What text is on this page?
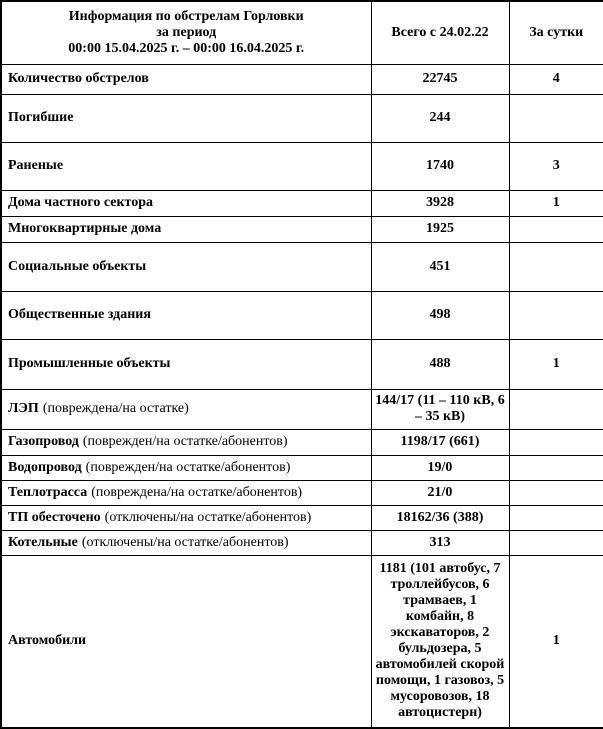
Информация по обстрелам Горловки
за период
00:00 15.04.2025 г. – 00:00 16.04.2025 г.	Всего с 24.02.22	За сутки
Количество обстрелов	22745	4
Погибшие	244	
Раненые	1740	3
Дома частного сектора	3928	1
Многоквартирные дома	1925	
Социальные объекты	451	
Общественные здания	498	
Промышленные объекты	488	1
ЛЭП (повреждена/на остатке)	144/17 (11 – 110 кВ, 6 – 35 кВ)	
Газопровод (поврежден/на остатке/абонентов)	1198/17 (661)	
Водопровод (поврежден/на остатке/абонентов)	19/0	
Теплотрасса (повреждена/на остатке/абонентов)	21/0	
ТП обесточено (отключены/на остатке/абонентов)	18162/36 (388)	
Котельные (отключены/на остатке/абонентов)	313	
Автомобили	1181 (101 автобус, 7 троллейбусов, 6 трамваев, 1 комбайн, 8 экскаваторов, 2 бульдозера, 5 автомобилей скорой помощи, 1 газовоз, 5 мусоровозов, 18 автоцистерн)	1
